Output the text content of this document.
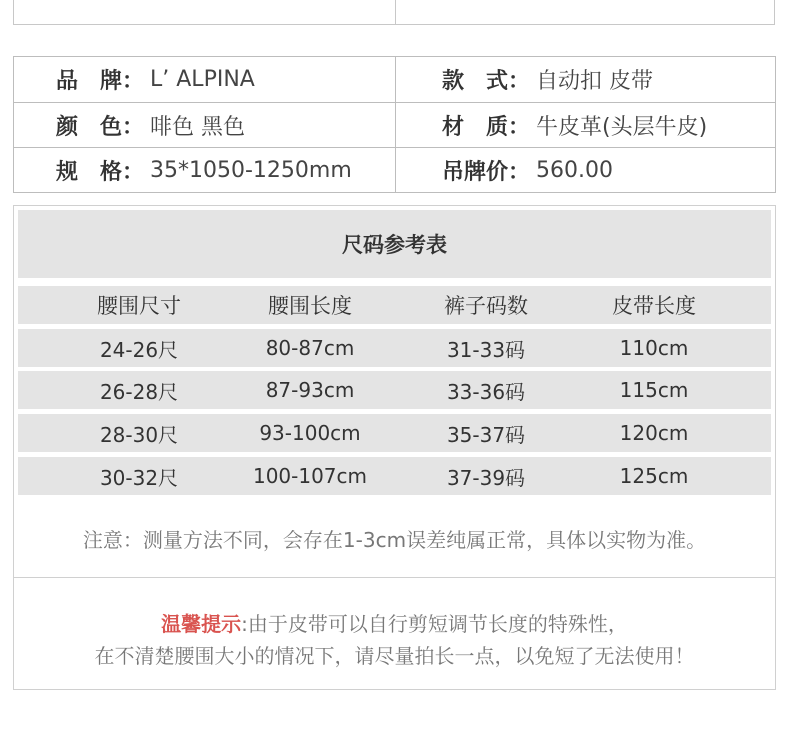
品　牌： L’ ALPINA	款　式： 自动扣 皮带
颜　色： 啡色 黑色	材　质： 牛皮革(头层牛皮)
规　格： 35*1050-1250mm	吊牌价： 560.00
尺码参考表
腰围尺寸	腰围长度	裤子码数	皮带长度
24-26尺	80-87cm	31-33码	110cm
26-28尺	87-93cm	33-36码	115cm
28-30尺	93-100cm	35-37码	120cm
30-32尺	100-107cm	37-39码	125cm
注意：测量方法不同，会存在1-3cm误差纯属正常，具体以实物为准。
温馨提示:由于皮带可以自行剪短调节长度的特殊性，
在不清楚腰围大小的情况下，请尽量拍长一点，以免短了无法使用！
